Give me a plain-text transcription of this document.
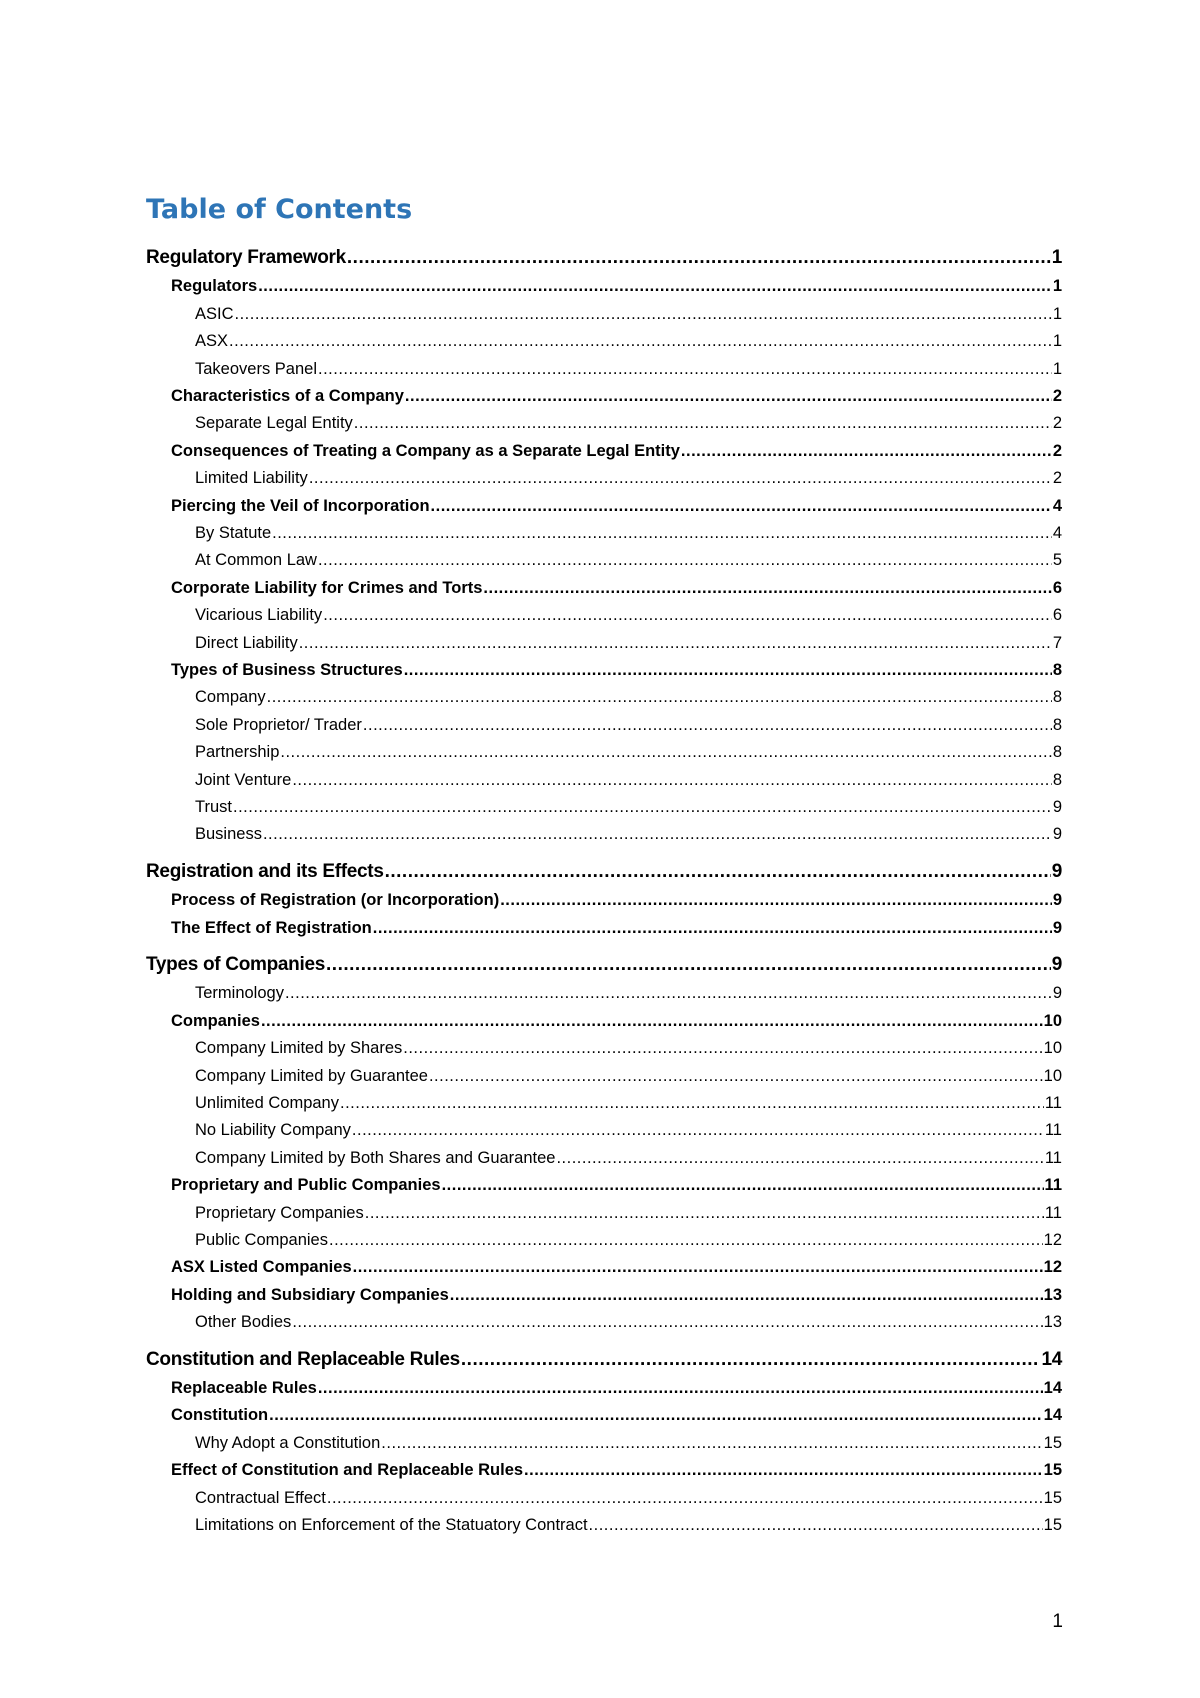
Table of Contents
Regulatory Framework .....	1
Regulators .....	1
ASIC .....	1
ASX .....	1
Takeovers Panel .....	1
Characteristics of a Company .....	2
Separate Legal Entity .....	2
Consequences of Treating a Company as a Separate Legal Entity .....	2
Limited Liability .....	2
Piercing the Veil of Incorporation .....	4
By Statute .....	4
At Common Law .....	5
Corporate Liability for Crimes and Torts .....	6
Vicarious Liability .....	6
Direct Liability .....	7
Types of Business Structures .....	8
Company .....	8
Sole Proprietor/ Trader .....	8
Partnership .....	8
Joint Venture .....	8
Trust .....	9
Business .....	9
Registration and its Effects .....	9
Process of Registration (or Incorporation) .....	9
The Effect of Registration .....	9
Types of Companies .....	9
Terminology .....	9
Companies .....	10
Company Limited by Shares .....	10
Company Limited by Guarantee .....	10
Unlimited Company .....	11
No Liability Company .....	11
Company Limited by Both Shares and Guarantee .....	11
Proprietary and Public Companies .....	11
Proprietary Companies .....	11
Public Companies .....	12
ASX Listed Companies .....	12
Holding and Subsidiary Companies .....	13
Other Bodies .....	13
Constitution and Replaceable Rules .....	14
Replaceable Rules .....	14
Constitution .....	14
Why Adopt a Constitution .....	15
Effect of Constitution and Replaceable Rules .....	15
Contractual Effect .....	15
Limitations on Enforcement of the Statuatory Contract .....	15
1
